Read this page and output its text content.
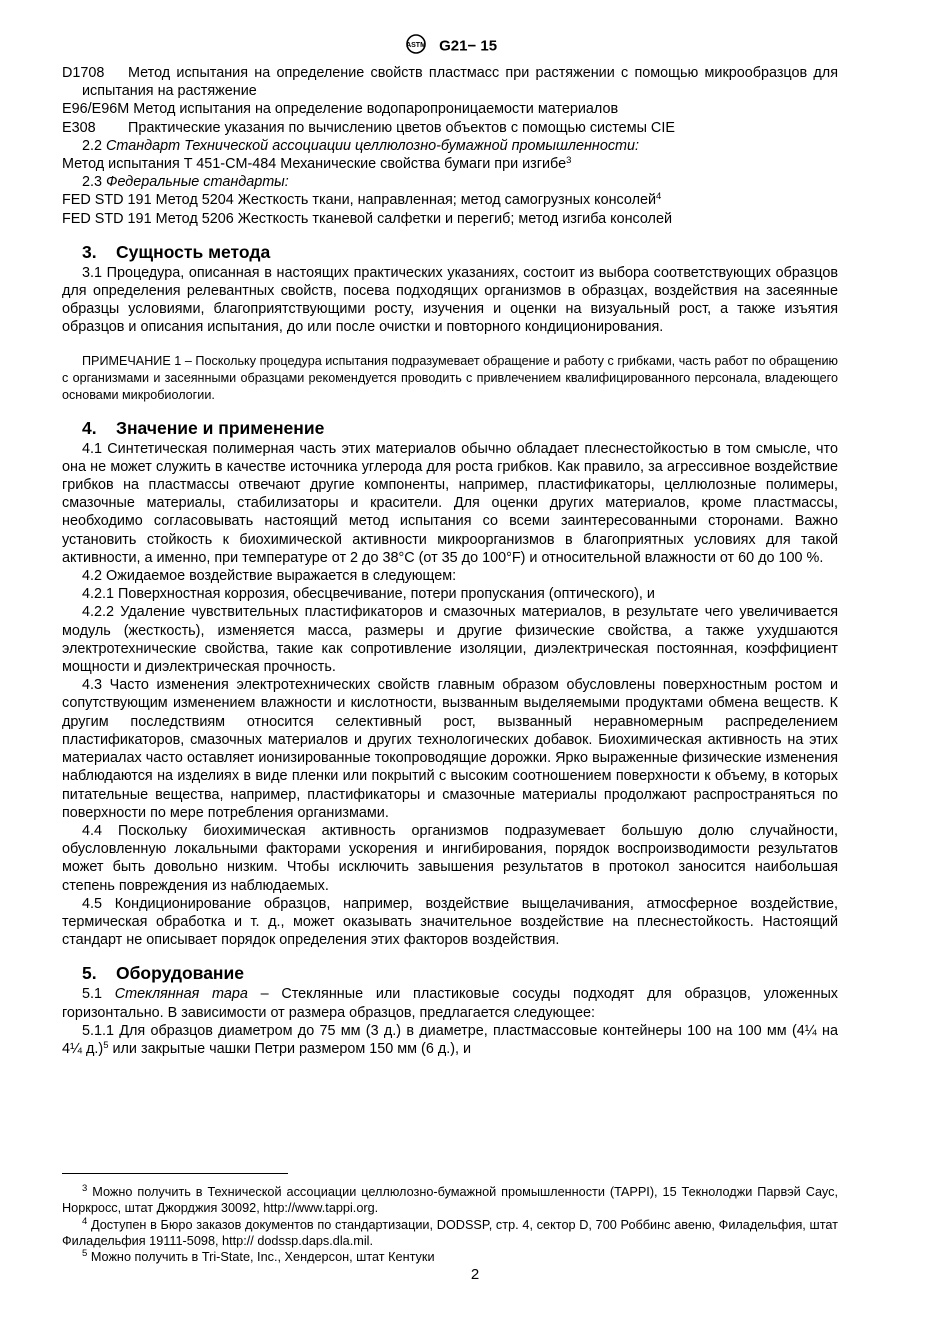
ASTM G21− 15

D1708 Метод испытания на определение свойств пластмасс при растяжении с помощью микрообразцов для испытания на растяжение

E96/E96M Метод испытания на определение водопаропроницаемости материалов

E308 Практические указания по вычислению цветов объектов с помощью системы CIE

2.2 Стандарт Технической ассоциации целлюлозно-бумажной промышленности:

Метод испытания T 451-CM-484 Механические свойства бумаги при изгибе$^3$

2.3 Федеральные стандарты:

FED STD 191 Метод 5204 Жесткость ткани, направленная; метод самогрузных консолей$^4$

FED STD 191 Метод 5206 Жесткость тканевой салфетки и перегиб; метод изгиба консолей

3. Сущность метода

3.1 Процедура, описанная в настоящих практических указаниях, состоит из выбора соответствующих образцов для определения релевантных свойств, посева подходящих организмов в образцах, воздействия на засеянные образцы условиями, благоприятствующими росту, изучения и оценки на визуальный рост, а также изъятия образцов и описания испытания, до или после очистки и повторного кондиционирования.

ПРИМЕЧАНИЕ 1 – Поскольку процедура испытания подразумевает обращение и работу с грибками, часть работ по обращению с организмами и засеянными образцами рекомендуется проводить с привлечением квалифицированного персонала, владеющего основами микробиологии.

4. Значение и применение

4.1 Синтетическая полимерная часть этих материалов обычно обладает плеснестойкостью в том смысле, что она не может служить в качестве источника углерода для роста грибков. Как правило, за агрессивное воздействие грибков на пластмассы отвечают другие компоненты, например, пластификаторы, целлюлозные полимеры, смазочные материалы, стабилизаторы и красители. Для оценки других материалов, кроме пластмассы, необходимо согласовывать настоящий метод испытания со всеми заинтересованными сторонами. Важно установить стойкость к биохимической активности микроорганизмов в благоприятных условиях для такой активности, а именно, при температуре от 2 до 38°C (от 35 до 100°F) и относительной влажности от 60 до 100 %.

4.2 Ожидаемое воздействие выражается в следующем:

4.2.1 Поверхностная коррозия, обесцвечивание, потери пропускания (оптического), и

4.2.2 Удаление чувствительных пластификаторов и смазочных материалов, в результате чего увеличивается модуль (жесткость), изменяется масса, размеры и другие физические свойства, а также ухудшаются электротехнические свойства, такие как сопротивление изоляции, диэлектрическая постоянная, коэффициент мощности и диэлектрическая прочность.

4.3 Часто изменения электротехнических свойств главным образом обусловлены поверхностным ростом и сопутствующим изменением влажности и кислотности, вызванным выделяемыми продуктами обмена веществ. К другим последствиям относится селективный рост, вызванный неравномерным распределением пластификаторов, смазочных материалов и других технологических добавок. Биохимическая активность на этих материалах часто оставляет ионизированные токопроводящие дорожки. Ярко выраженные физические изменения наблюдаются на изделиях в виде пленки или покрытий с высоким соотношением поверхности к объему, в которых питательные вещества, например, пластификаторы и смазочные материалы продолжают распространяться по поверхности по мере потребления организмами.

4.4 Поскольку биохимическая активность организмов подразумевает большую долю случайности, обусловленную локальными факторами ускорения и ингибирования, порядок воспроизводимости результатов может быть довольно низким. Чтобы исключить завышения результатов в протокол заносится наибольшая степень повреждения из наблюдаемых.

4.5 Кондиционирование образцов, например, воздействие выщелачивания, атмосферное воздействие, термическая обработка и т. д., может оказывать значительное воздействие на плеснестойкость. Настоящий стандарт не описывает порядок определения этих факторов воздействия.

5. Оборудование

5.1 Стеклянная тара – Стеклянные или пластиковые сосуды подходят для образцов, уложенных горизонтально. В зависимости от размера образцов, предлагается следующее:

5.1.1 Для образцов диаметром до 75 мм (3 д.) в диаметре, пластмассовые контейнеры 100 на 100 мм (4¼ на 4¼ д.)$^5$ или закрытые чашки Петри размером 150 мм (6 д.), и

$^3$ Можно получить в Технической ассоциации целлюлозно-бумажной промышленности (TAPPI), 15 Текнолоджи Парвэй Саус, Норкросс, штат Джорджия 30092, http://www.tappi.org.

$^4$ Доступен в Бюро заказов документов по стандартизации, DODSSP, стр. 4, сектор D, 700 Роббинс авеню, Филадельфия, штат Филадельфия 19111-5098, http:// dodssp.daps.dla.mil.

$^5$ Можно получить в Tri-State, Inc., Хендерсон, штат Кентуки

2
